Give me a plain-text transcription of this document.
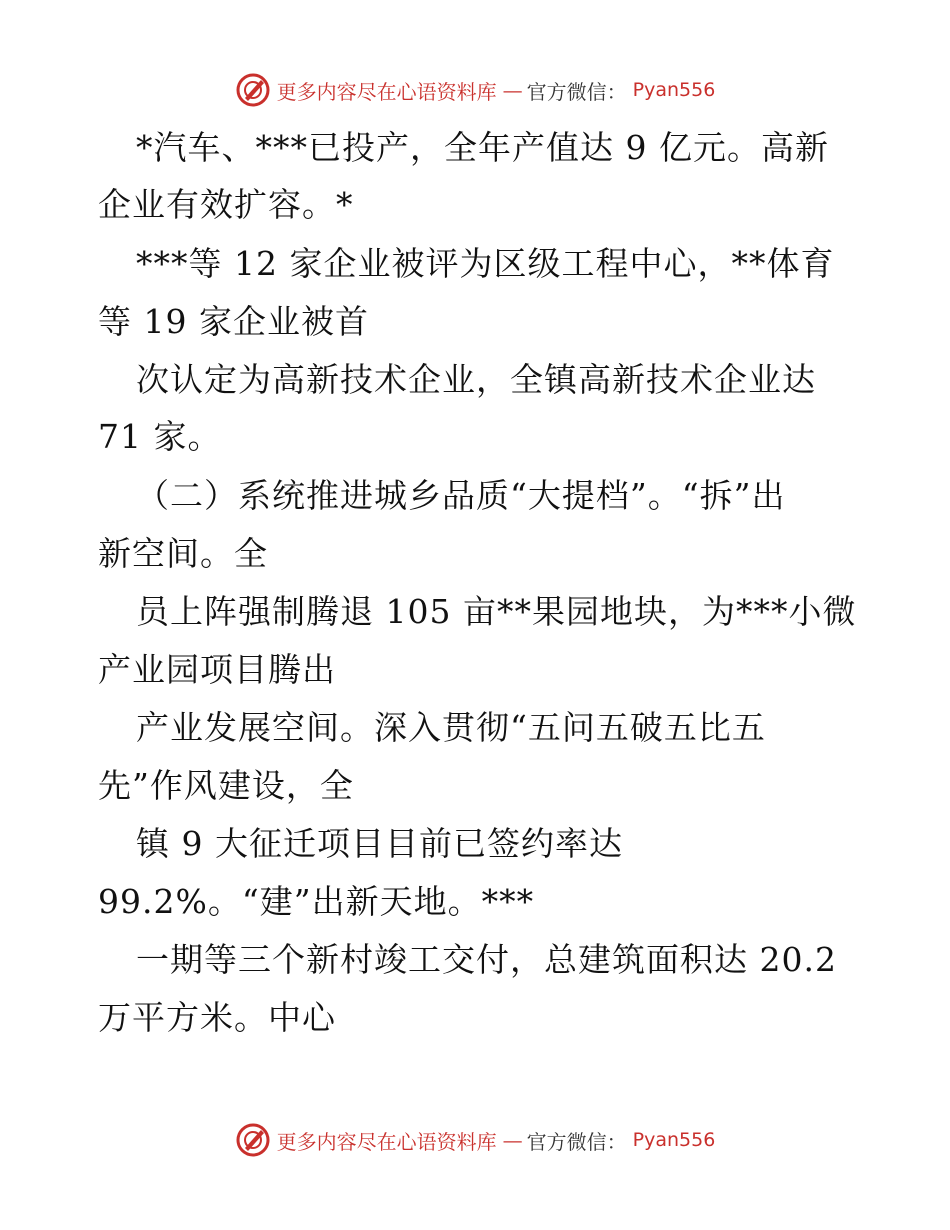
更多内容尽在心语资料库 — 官方微信： Pyan556
*汽车、***已投产，全年产值达 9 亿元。高新
企业有效扩容。*
***等 12 家企业被评为区级工程中心，**体育
等 19 家企业被首
次认定为高新技术企业，全镇高新技术企业达
71 家。
（二）系统推进城乡品质“大提档”。“拆”出
新空间。全
员上阵强制腾退 105 亩**果园地块，为***小微
产业园项目腾出
产业发展空间。深入贯彻“五问五破五比五
先”作风建设，全
镇 9 大征迁项目目前已签约率达
99.2%。“建”出新天地。***
一期等三个新村竣工交付，总建筑面积达 20.2
万平方米。中心
更多内容尽在心语资料库 — 官方微信： Pyan556
